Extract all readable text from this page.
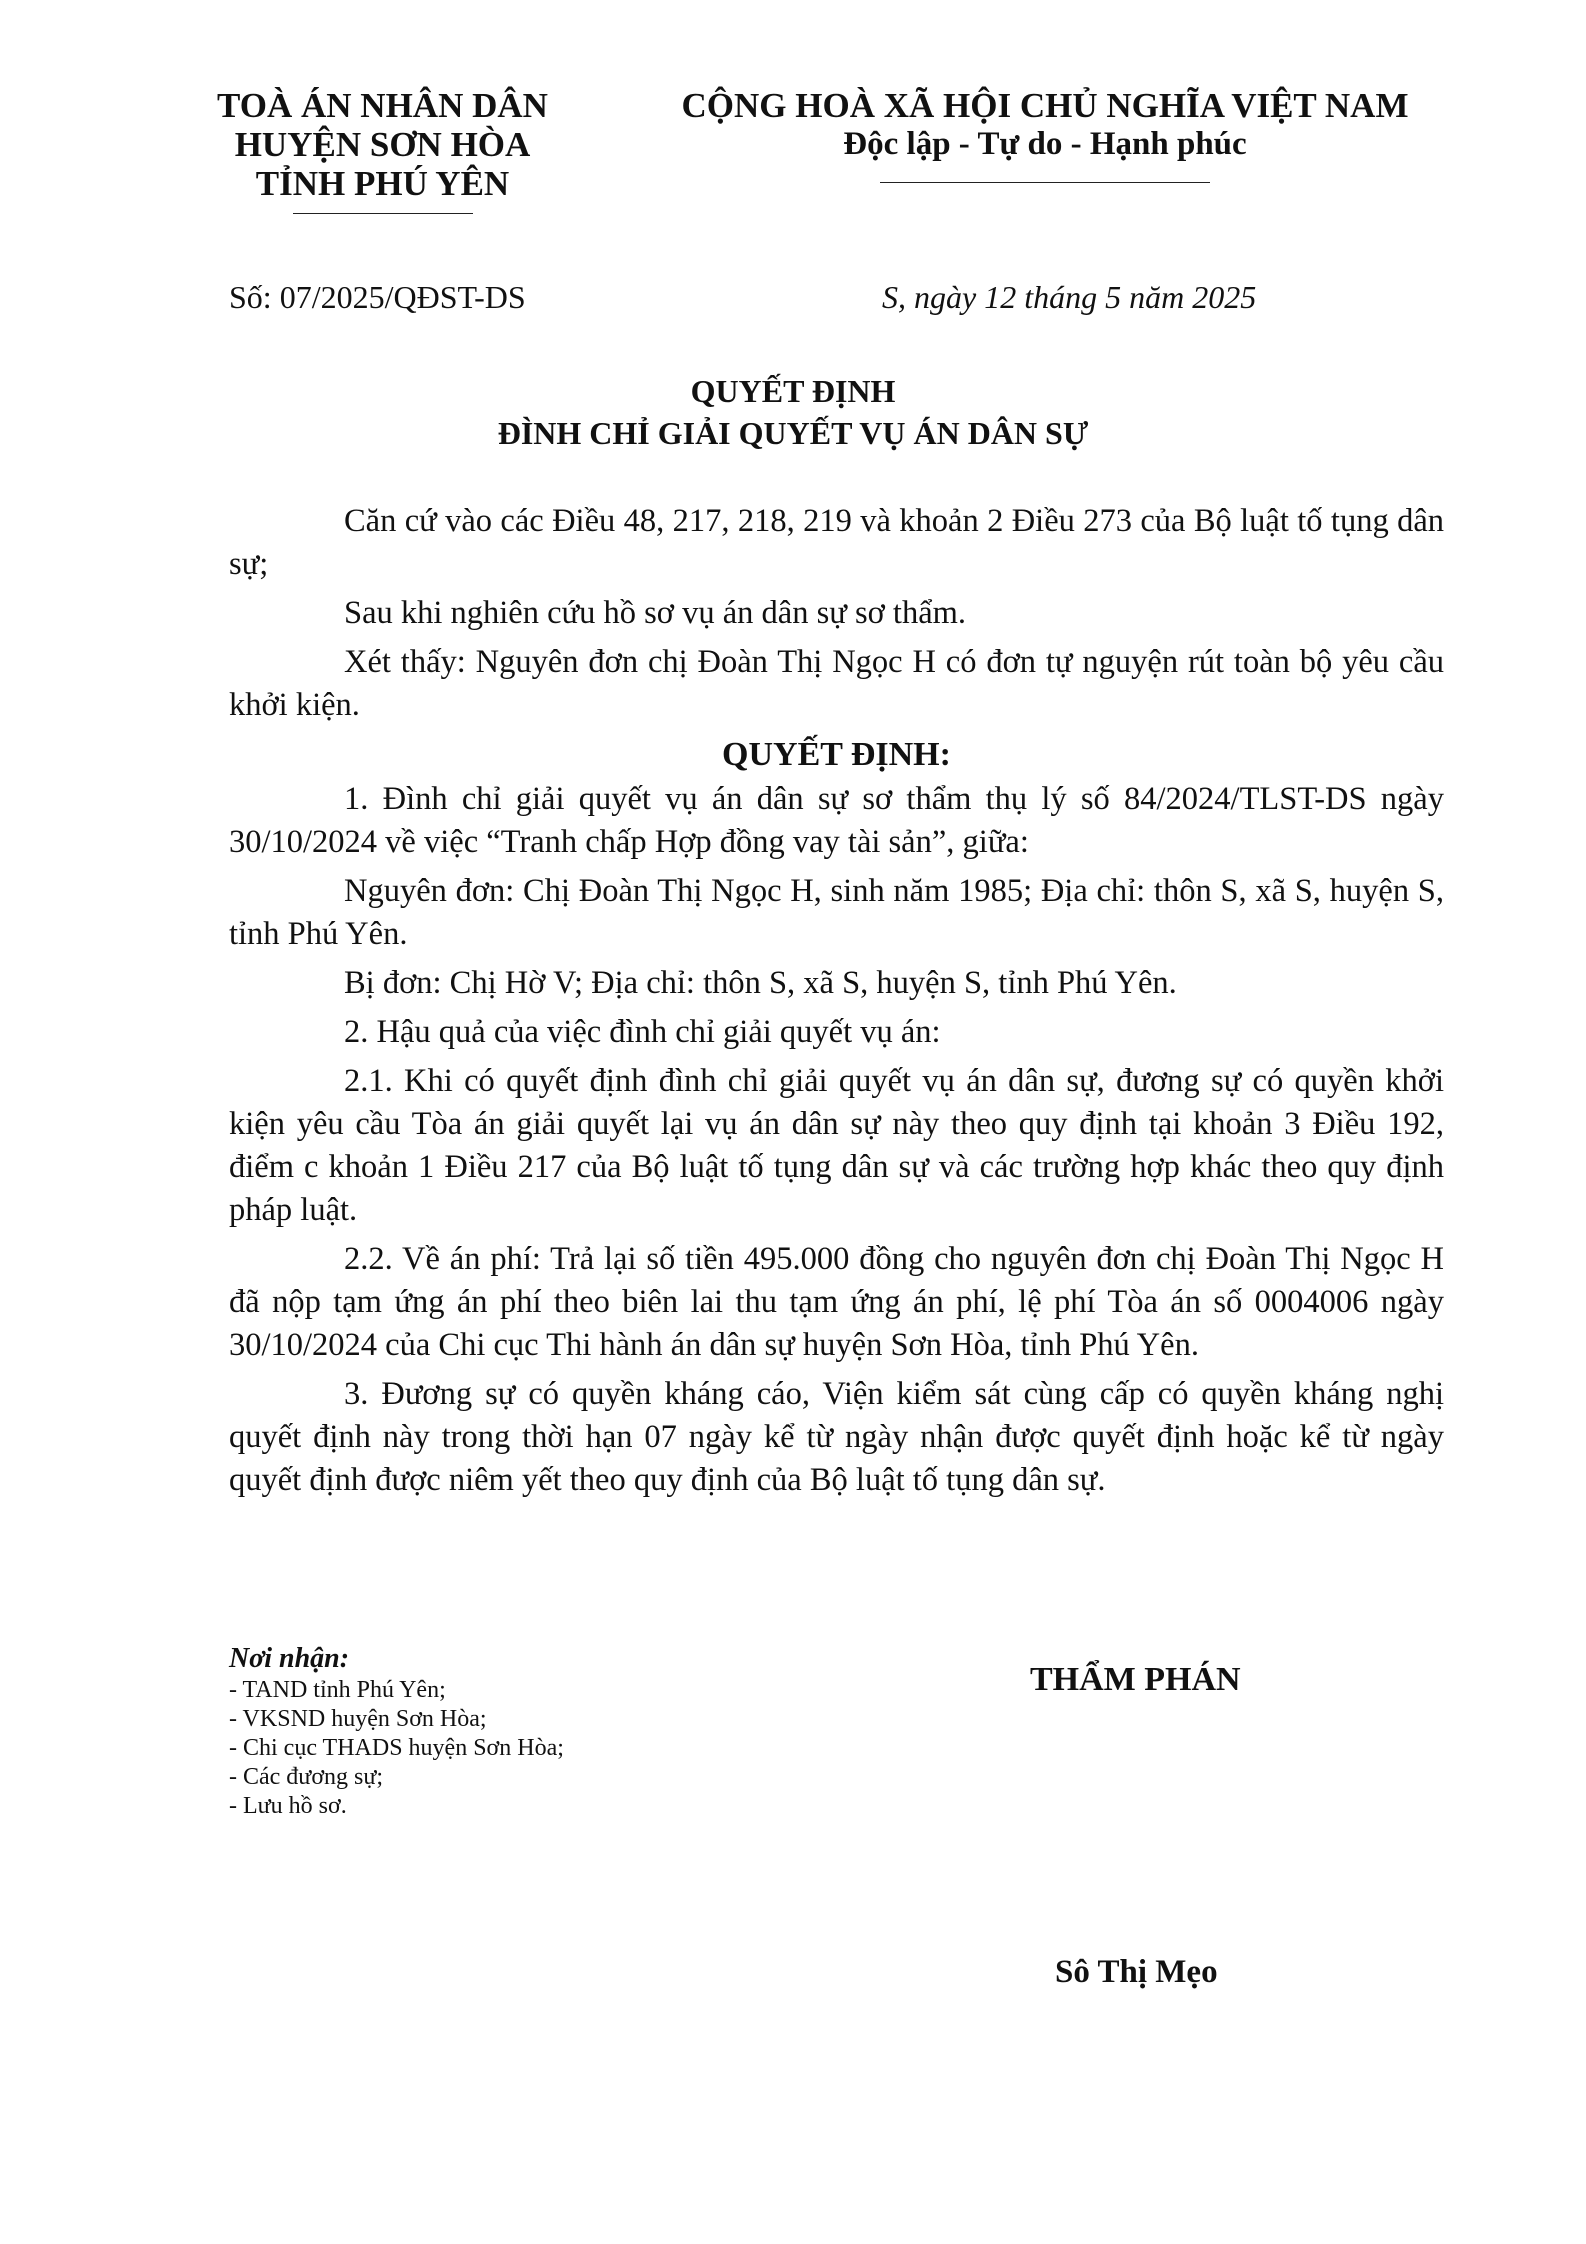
TOÀ ÁN NHÂN DÂN
HUYỆN SƠN HÒA
TỈNH PHÚ YÊN
CỘNG HOÀ XÃ HỘI CHỦ NGHĨA VIỆT NAM
Độc lập - Tự do - Hạnh phúc
Số: 07/2025/QĐST-DS	S, ngày 12 tháng 5 năm 2025
QUYẾT ĐỊNH
ĐÌNH CHỈ GIẢI QUYẾT VỤ ÁN DÂN SỰ

Căn cứ vào các Điều 48, 217, 218, 219 và khoản 2 Điều 273 của Bộ luật tố tụng dân sự;

Sau khi nghiên cứu hồ sơ vụ án dân sự sơ thẩm.

Xét thấy: Nguyên đơn chị Đoàn Thị Ngọc H có đơn tự nguyện rút toàn bộ yêu cầu khởi kiện.

QUYẾT ĐỊNH:

1. Đình chỉ giải quyết vụ án dân sự sơ thẩm thụ lý số 84/2024/TLST-DS ngày 30/10/2024 về việc “Tranh chấp Hợp đồng vay tài sản”, giữa:

Nguyên đơn: Chị Đoàn Thị Ngọc H, sinh năm 1985; Địa chỉ: thôn S, xã S, huyện S, tỉnh Phú Yên.

Bị đơn: Chị Hờ V; Địa chỉ: thôn S, xã S, huyện S, tỉnh Phú Yên.

2. Hậu quả của việc đình chỉ giải quyết vụ án:

2.1. Khi có quyết định đình chỉ giải quyết vụ án dân sự, đương sự có quyền khởi kiện yêu cầu Tòa án giải quyết lại vụ án dân sự này theo quy định tại khoản 3 Điều 192, điểm c khoản 1 Điều 217 của Bộ luật tố tụng dân sự và các trường hợp khác theo quy định pháp luật.

2.2. Về án phí: Trả lại số tiền 495.000 đồng cho nguyên đơn chị Đoàn Thị Ngọc H đã nộp tạm ứng án phí theo biên lai thu tạm ứng án phí, lệ phí Tòa án số 0004006 ngày 30/10/2024 của Chi cục Thi hành án dân sự huyện Sơn Hòa, tỉnh Phú Yên.

3. Đương sự có quyền kháng cáo, Viện kiểm sát cùng cấp có quyền kháng nghị quyết định này trong thời hạn 07 ngày kể từ ngày nhận được quyết định hoặc kể từ ngày quyết định được niêm yết theo quy định của Bộ luật tố tụng dân sự.

Nơi nhận:
- TAND tỉnh Phú Yên;
- VKSND huyện Sơn Hòa;
- Chi cục THADS huyện Sơn Hòa;
- Các đương sự;
- Lưu hồ sơ.
THẨM PHÁN
Sô Thị Mẹo
